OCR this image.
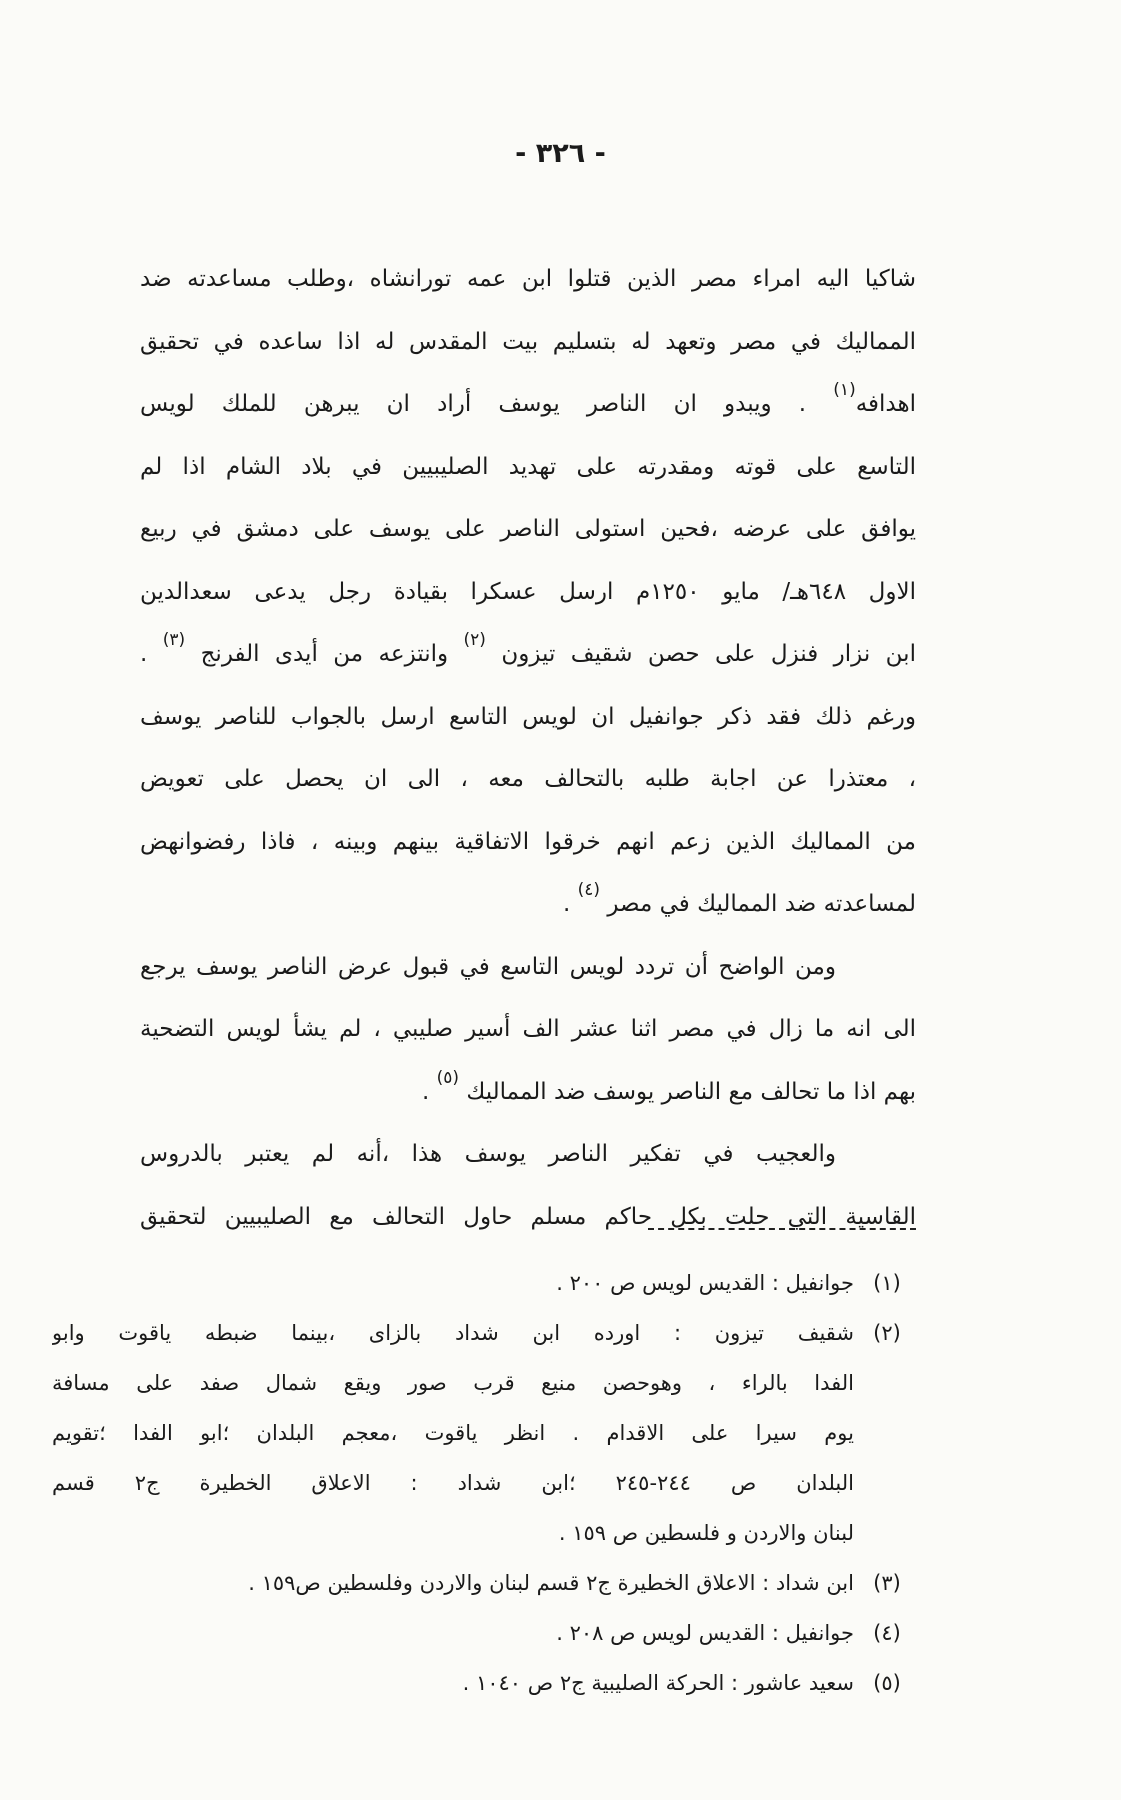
- ٣٢٦ -
شاكيا اليه امراء مصر الذين قتلوا ابن عمه تورانشاه ،وطلب مساعدته ضد
المماليك في مصر وتعهد له بتسليم بيت المقدس له اذا ساعده في تحقيق
اهدافه$^{(١)}$ . ويبدو ان الناصر يوسف أراد ان يبرهن للملك لويس
التاسع على قوته ومقدرته على تهديد الصليبيين في بلاد الشام اذا لم
يوافق على عرضه ،فحين استولى الناصر على يوسف على دمشق في ربيع
الاول ٦٤٨هـ/ مايو ١٢٥٠م ارسل عسكرا بقيادة رجل يدعى سعدالدين
ابن نزار فنزل على حصن شقيف تيزون $^{(٢)}$ وانتزعه من أيدى الفرنج $^{(٣)}$ .
ورغم ذلك فقد ذكر جوانفيل ان لويس التاسع ارسل بالجواب للناصر يوسف
، معتذرا عن اجابة طلبه بالتحالف معه ، الى ان يحصل على تعويض
من المماليك الذين زعم انهم خرقوا الاتفاقية بينهم وبينه ، فاذا رفضوانهض
لمساعدته ضد المماليك في مصر $^{(٤)}$ .
ومن الواضح أن تردد لويس التاسع في قبول عرض الناصر يوسف يرجع
الى انه ما زال في مصر اثنا عشر الف أسير صليبي ، لم يشأ لويس التضحية
بهم اذا ما تحالف مع الناصر يوسف ضد المماليك $^{(٥)}$ .
والعجيب في تفكير الناصر يوسف هذا ،أنه لم يعتبر بالدروس
القاسية التي حلت بكل حاكم مسلم حاول التحالف مع الصليبيين لتحقيق
(١)
جوانفيل : القديس لويس ص ٢٠٠ .
(٢)
شقيف تيزون : اورده ابن شداد بالزاى ،بينما ضبطه ياقوت وابو
الفدا بالراء ، وهوحصن منيع قرب صور ويقع شمال صفد على مسافة
يوم سيرا على الاقدام . انظر ياقوت ،معجم البلدان ؛ابو الفدا ؛تقويم
البلدان ص ٢٤٤-٢٤٥ ؛ابن شداد : الاعلاق الخطيرة ج٢ قسم
لبنان والاردن و فلسطين ص ١٥٩ .
(٣)
ابن شداد : الاعلاق الخطيرة ج٢ قسم لبنان والاردن وفلسطين ص١٥٩ .
(٤)
جوانفيل : القديس لويس ص ٢٠٨ .
(٥)
سعيد عاشور : الحركة الصليبية ج٢ ص ١٠٤٠ .
